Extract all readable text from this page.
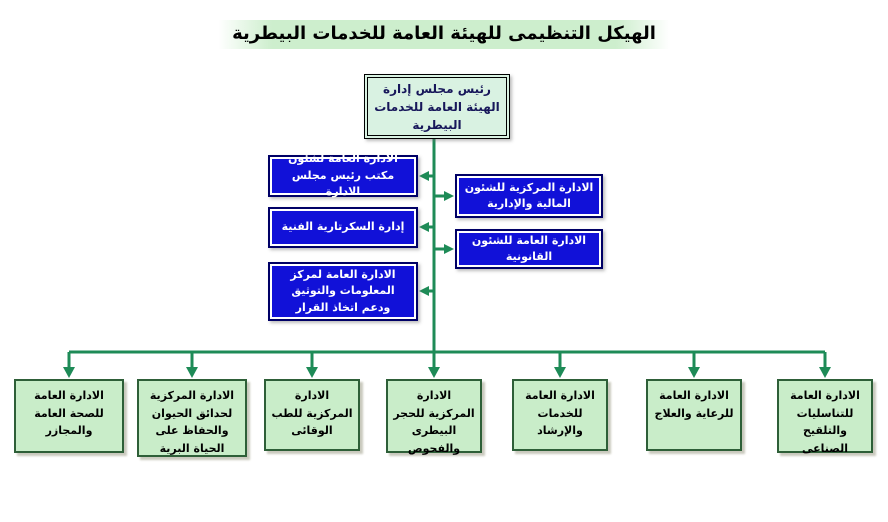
الهيكل التنظيمى للهيئة العامة للخدمات البيطرية
رئيس مجلس إدارة الهيئة العامة للخدمات البيطرية
الادارة العامة لشئون مكتب رئيس مجلس الادارة
إدارة السكرتارية الفنية
الادارة العامة لمركز المعلومات والتوثيق ودعم اتخاذ القرار
الادارة المركزية للشئون المالية والإدارية
الادارة العامة للشئون القانونية
الادارة العامة للصحة العامة والمجازر
الادارة المركزية لحدائق الحيوان والحفاظ على الحياة البرية
الادارة المركزية للطب الوقائى
الادارة المركزية للحجر البيطرى والفحوص
الادارة العامة للخدمات والإرشاد
الادارة العامة للرعاية والعلاج
الادارة العامة للتناسليات والتلقيح الصناعى
